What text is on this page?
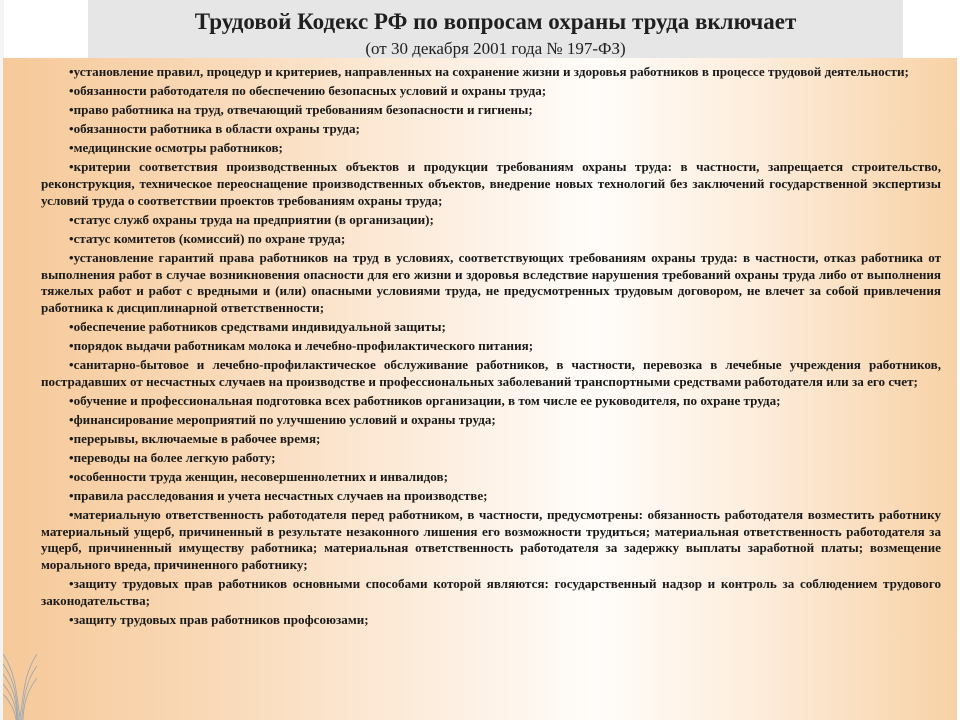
Трудовой Кодекс РФ по вопросам охраны труда включает
(от 30 декабря 2001 года № 197-ФЗ)
•установление правил, процедур и критериев, направленных на сохранение жизни и здоровья работников в процессе трудовой деятельности;
•обязанности работодателя по обеспечению безопасных условий и охраны труда;
•право работника на труд, отвечающий требованиям безопасности и гигиены;
•обязанности работника в области охраны труда;
•медицинские осмотры работников;
•критерии соответствия производственных объектов и продукции требованиям охраны труда: в частности, запрещается строительство, реконструкция, техническое переоснащение производственных объектов, внедрение новых технологий без заключений государственной экспертизы условий труда о соответствии проектов требованиям охраны труда;
•статус служб охраны труда на предприятии (в организации);
•статус комитетов (комиссий) по охране труда;
•установление гарантий права работников на труд в условиях, соответствующих требованиям охраны труда: в частности, отказ работника от выполнения работ в случае возникновения опасности для его жизни и здоровья вследствие нарушения требований охраны труда либо от выполнения тяжелых работ и работ с вредными и (или) опасными условиями труда, не предусмотренных трудовым договором, не влечет за собой привлечения работника к дисциплинарной ответственности;
•обеспечение работников средствами индивидуальной защиты;
•порядок выдачи работникам молока и лечебно-профилактического питания;
•санитарно-бытовое и лечебно-профилактическое обслуживание работников, в частности, перевозка в лечебные учреждения работников, пострадавших от несчастных случаев на производстве и профессиональных заболеваний транспортными средствами работодателя или за его счет;
•обучение и профессиональная подготовка всех работников организации, в том числе ее руководителя, по охране труда;
•финансирование мероприятий по улучшению условий и охраны труда;
•перерывы, включаемые в рабочее время;
•переводы на более легкую работу;
•особенности труда женщин, несовершеннолетних и инвалидов;
•правила расследования и учета несчастных случаев на производстве;
•материальную ответственность работодателя перед работником, в частности, предусмотрены: обязанность работодателя возместить работнику материальный ущерб, причиненный в результате незаконного лишения его возможности трудиться; материальная ответственность работодателя за ущерб, причиненный имуществу работника; материальная ответственность работодателя за задержку выплаты заработной платы; возмещение морального вреда, причиненного работнику;
•защиту трудовых прав работников основными способами которой являются: государственный надзор и контроль за соблюдением трудового законодательства;
•защиту трудовых прав работников профсоюзами;
